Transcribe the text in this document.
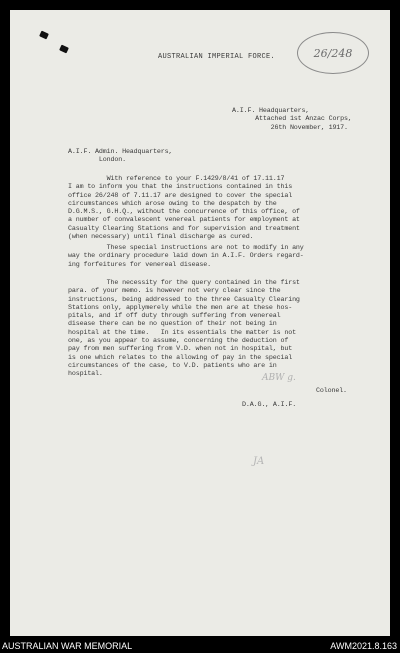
AUSTRALIAN IMPERIAL FORCE.	26/248
A.I.F. Headquarters,
Attached 1st Anzac Corps,
26th November, 1917.
A.I.F. Admin. Headquarters,
London.
With reference to your F.1429/8/41 of 17.11.17
I am to inform you that the instructions contained in this
office 26/248 of 7.11.17 are designed to cover the special
circumstances which arose owing to the despatch by the
D.G.M.S., G.H.Q., without the concurrence of this office, of
a number of convalescent venereal patients for employment at
Casualty Clearing Stations and for supervision and treatment
(when necessary) until final discharge as cured.
These special instructions are not to modify in any
way the ordinary procedure laid down in A.I.F. Orders regard-
ing forfeitures for venereal disease.
The necessity for the query contained in the first
para. of your memo. is however not very clear since the
instructions, being addressed to the three Casualty Clearing
Stations only, applymerely while the men are at these hos-
pitals, and if off duty through suffering from venereal
disease there can be no question of their not being in
hospital at the time.   In its essentials the matter is not
one, as you appear to assume, concerning the deduction of
pay from men suffering from V.D. when not in hospital, but
is one which relates to the allowing of pay in the special
circumstances of the case, to V.D. patients who are in
hospital.	ABW g.
Colonel.
D.A.G., A.I.F.
JA
AUSTRALIAN WAR MEMORIAL	AWM2021.8.163
